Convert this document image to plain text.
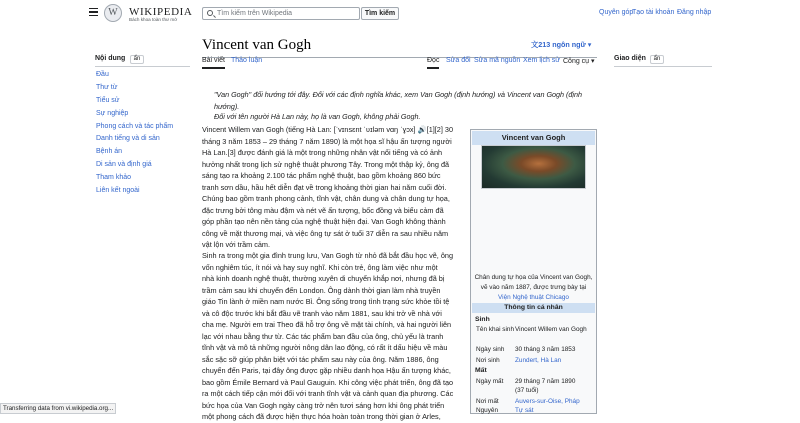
W	WIKIPEDIA
Bách khoa toàn thư mở
Tìm kiếm trên Wikipedia	Tìm kiếm	Quyên góp
Tạo tài khoản Đăng nhập
Nội dung	ẩn
Đầu
Thư từ
Tiểu sử
Sự nghiệp
Phong cách và tác phẩm
Danh tiếng và di sản
Bệnh án
Di sản và định giá
Tham khảo
Liên kết ngoài
Vincent van Gogh	文213 ngôn ngữ ▾
Bài viết Thảo luận	Đọc Sửa đổi Sửa mã nguồn Xem lịch sử Công cụ ▾	Giao diện	ẩn
"Van Gogh" đổi hướng tới đây. Đối với các định nghĩa khác, xem Van Gogh (định hướng) và Vincent van Gogh (định hướng).
Đối với tên người Hà Lan này, họ là van Gogh, không phải Gogh.
Vincent Willem van Gogh (tiếng Hà Lan: [ˈvɪnsɛnt ˈʋɪləm vɑŋ ˈɣɔx] 🔊[1][2] 30
tháng 3 năm 1853 – 29 tháng 7 năm 1890) là một họa sĩ hậu ấn tượng người
Hà Lan.[3] được đánh giá là một trong những nhân vật nổi tiếng và có ảnh
hưởng nhất trong lịch sử nghệ thuật phương Tây. Trong một thập kỷ, ông đã
sáng tạo ra khoảng 2.100 tác phẩm nghệ thuật, bao gồm khoảng 860 bức
tranh sơn dầu, hầu hết diễn đạt về trong khoảng thời gian hai năm cuối đời.
Chúng bao gồm tranh phong cảnh, tĩnh vật, chân dung và chân dung tự họa,
đặc trưng bởi tông màu đậm và nét vẽ ấn tượng, bốc đồng và biểu cảm đã
góp phần tạo nên nền tảng của nghệ thuật hiện đại. Van Gogh không thành
công về mặt thương mại, và việc ông tự sát ở tuổi 37 diễn ra sau nhiều năm
vật lộn với trầm cảm.
Sinh ra trong một gia đình trung lưu, Van Gogh từ nhỏ đã bắt đầu học vẽ, ông
vốn nghiêm túc, ít nói và hay suy nghĩ. Khi còn trẻ, ông làm việc như một
nhà kinh doanh nghệ thuật, thường xuyên di chuyển khắp nơi, nhưng đã bị
trầm cảm sau khi chuyển đến London. Ông dành thời gian làm nhà truyền
giáo Tin lành ở miền nam nước Bỉ. Ông sống trong tình trạng sức khỏe tồi tệ
và cô độc trước khi bắt đầu vẽ tranh vào năm 1881, sau khi trở về nhà với
cha mẹ. Người em trai Theo đã hỗ trợ ông về mặt tài chính, và hai người liên
lạc với nhau bằng thư từ. Các tác phẩm ban đầu của ông, chủ yếu là tranh
tĩnh vật và mô tả những người nông dân lao động, có rất ít dấu hiệu về màu
sắc sặc sỡ giúp phân biệt với tác phẩm sau này của ông. Năm 1886, ông
chuyển đến Paris, tại đây ông được gặp nhiều danh họa Hậu ấn tượng khác,
bao gồm Émile Bernard và Paul Gauguin. Khi công việc phát triển, ông đã tạo
ra một cách tiếp cận mới đối với tranh tĩnh vật và cảnh quan địa phương. Các
bức họa của Van Gogh ngày càng trở nên tươi sáng hơn khi ông phát triển
một phong cách đã được hiện thực hóa hoàn toàn trong thời gian ở Arles,
Vincent van Gogh
Chân dung tự họa của Vincent van Gogh,
vẽ vào năm 1887, được trưng bày tại
Viện Nghệ thuật Chicago
Thông tin cá nhân
Sinh
Tên khai sinh Vincent Willem van Gogh
Ngày sinh 30 tháng 3 năm 1853
Nơi sinh Zundert, Hà Lan
Mất
Ngày mất 29 tháng 7 năm 1890
(37 tuổi)
Nơi mất	Auvers-sur-Oise, Pháp
Nguyên	Tự sát
Transferring data from vi.wikipedia.org...
